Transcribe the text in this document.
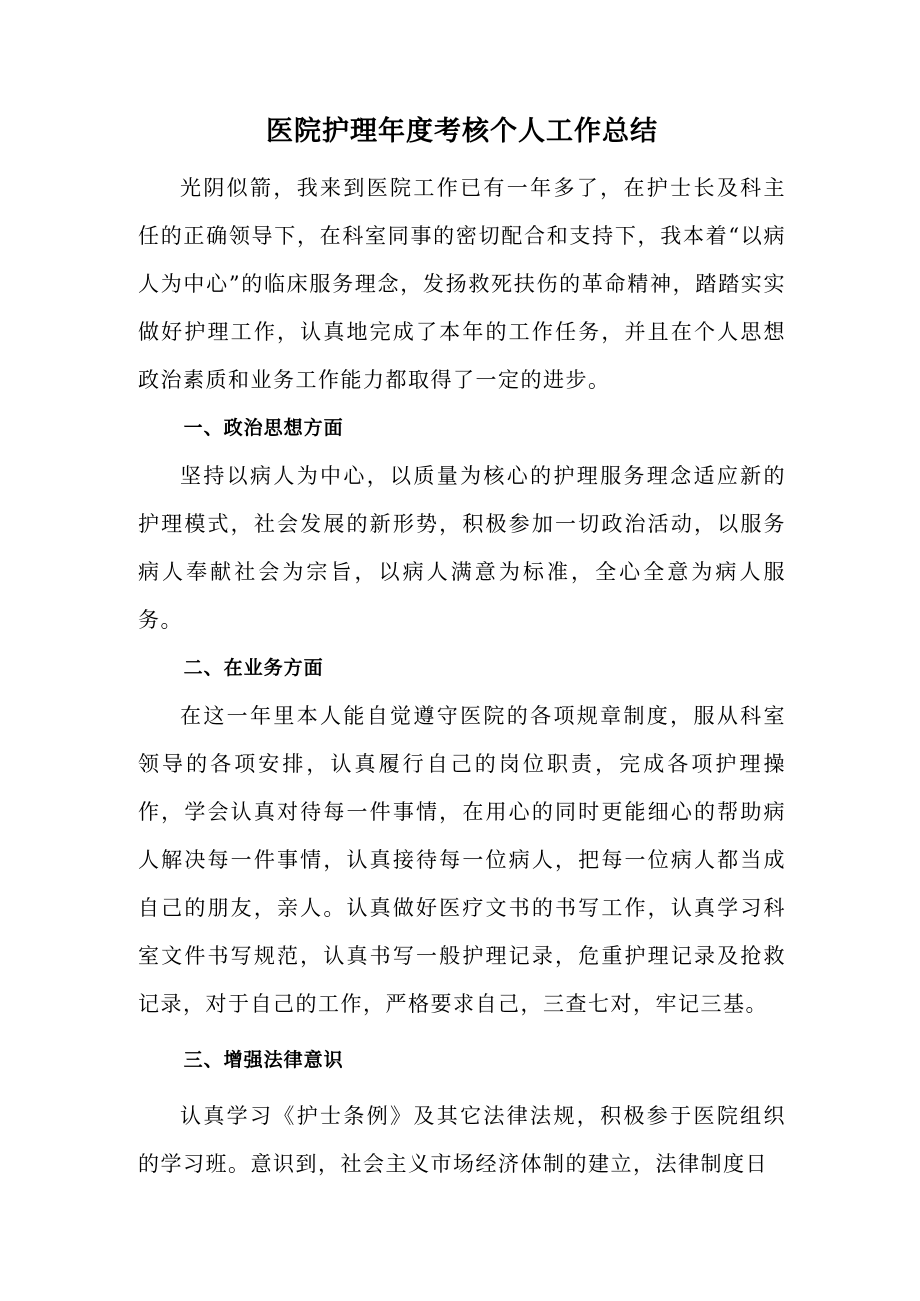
医院护理年度考核个人工作总结

光阴似箭，我来到医院工作已有一年多了，在护士长及科主任的正确领导下，在科室同事的密切配合和支持下，我本着“以病人为中心”的临床服务理念，发扬救死扶伤的革命精神，踏踏实实做好护理工作，认真地完成了本年的工作任务，并且在个人思想政治素质和业务工作能力都取得了一定的进步。

一、政治思想方面

坚持以病人为中心，以质量为核心的护理服务理念适应新的护理模式，社会发展的新形势，积极参加一切政治活动，以服务病人奉献社会为宗旨，以病人满意为标准，全心全意为病人服务。

二、在业务方面

在这一年里本人能自觉遵守医院的各项规章制度，服从科室领导的各项安排，认真履行自己的岗位职责，完成各项护理操作，学会认真对待每一件事情，在用心的同时更能细心的帮助病人解决每一件事情，认真接待每一位病人，把每一位病人都当成自己的朋友，亲人。认真做好医疗文书的书写工作，认真学习科室文件书写规范，认真书写一般护理记录，危重护理记录及抢救记录，对于自己的工作，严格要求自己，三查七对，牢记三基。

三、增强法律意识

认真学习《护士条例》及其它法律法规，积极参于医院组织的学习班。意识到，社会主义市场经济体制的建立，法律制度日
